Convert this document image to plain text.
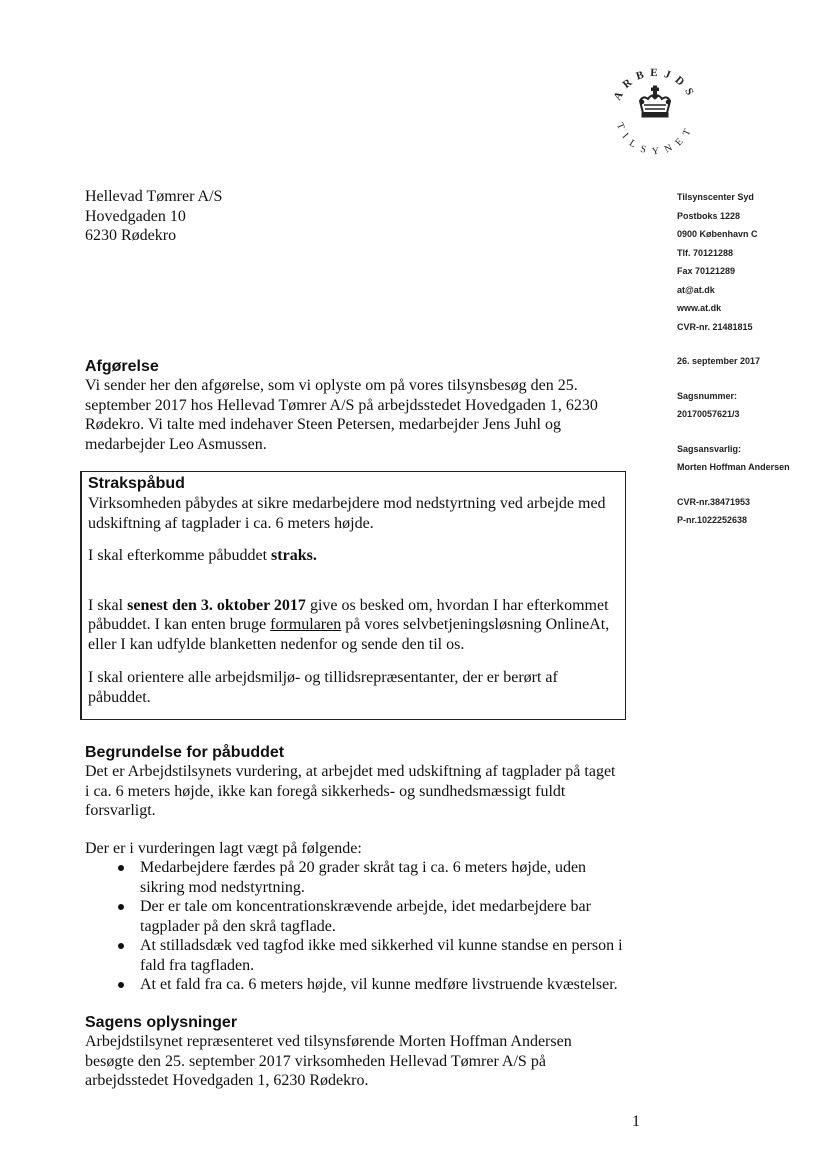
ARBEJDS
TILSYNET
Hellevad Tømrer A/S
Hovedgaden 10
6230 Rødekro
Tilsynscenter Syd
Postboks 1228
0900 København C
Tlf. 70121288
Fax 70121289
at@at.dk
www.at.dk
CVR-nr. 21481815
26. september 2017
Sagsnummer:
20170057621/3
Sagsansvarlig:
Morten Hoffman Andersen
CVR-nr.38471953
P-nr.1022252638
Afgørelse
Vi sender her den afgørelse, som vi oplyste om på vores tilsynsbesøg den 25.
september 2017 hos Hellevad Tømrer A/S på arbejdsstedet Hovedgaden 1, 6230
Rødekro. Vi talte med indehaver Steen Petersen, medarbejder Jens Juhl og
medarbejder Leo Asmussen.
Strakspåbud
Virksomheden påbydes at sikre medarbejdere mod nedstyrtning ved arbejde med
udskiftning af tagplader i ca. 6 meters højde.
I skal efterkomme påbuddet straks.
I skal senest den 3. oktober 2017 give os besked om, hvordan I har efterkommet
påbuddet. I kan enten bruge formularen på vores selvbetjeningsløsning OnlineAt,
eller I kan udfylde blanketten nedenfor og sende den til os.
I skal orientere alle arbejdsmiljø- og tillidsrepræsentanter, der er berørt af
påbuddet.
Begrundelse for påbuddet
Det er Arbejdstilsynets vurdering, at arbejdet med udskiftning af tagplader på taget
i ca. 6 meters højde, ikke kan foregå sikkerheds- og sundhedsmæssigt fuldt
forsvarligt.
Der er i vurderingen lagt vægt på følgende:
Medarbejdere færdes på 20 grader skråt tag i ca. 6 meters højde, uden
sikring mod nedstyrtning.
Der er tale om koncentrationskrævende arbejde, idet medarbejdere bar
tagplader på den skrå tagflade.
At stilladsdæk ved tagfod ikke med sikkerhed vil kunne standse en person i
fald fra tagfladen.
At et fald fra ca. 6 meters højde, vil kunne medføre livstruende kvæstelser.
Sagens oplysninger
Arbejdstilsynet repræsenteret ved tilsynsførende Morten Hoffman Andersen
besøgte den 25. september 2017 virksomheden Hellevad Tømrer A/S på
arbejdsstedet Hovedgaden 1, 6230 Rødekro.
1
